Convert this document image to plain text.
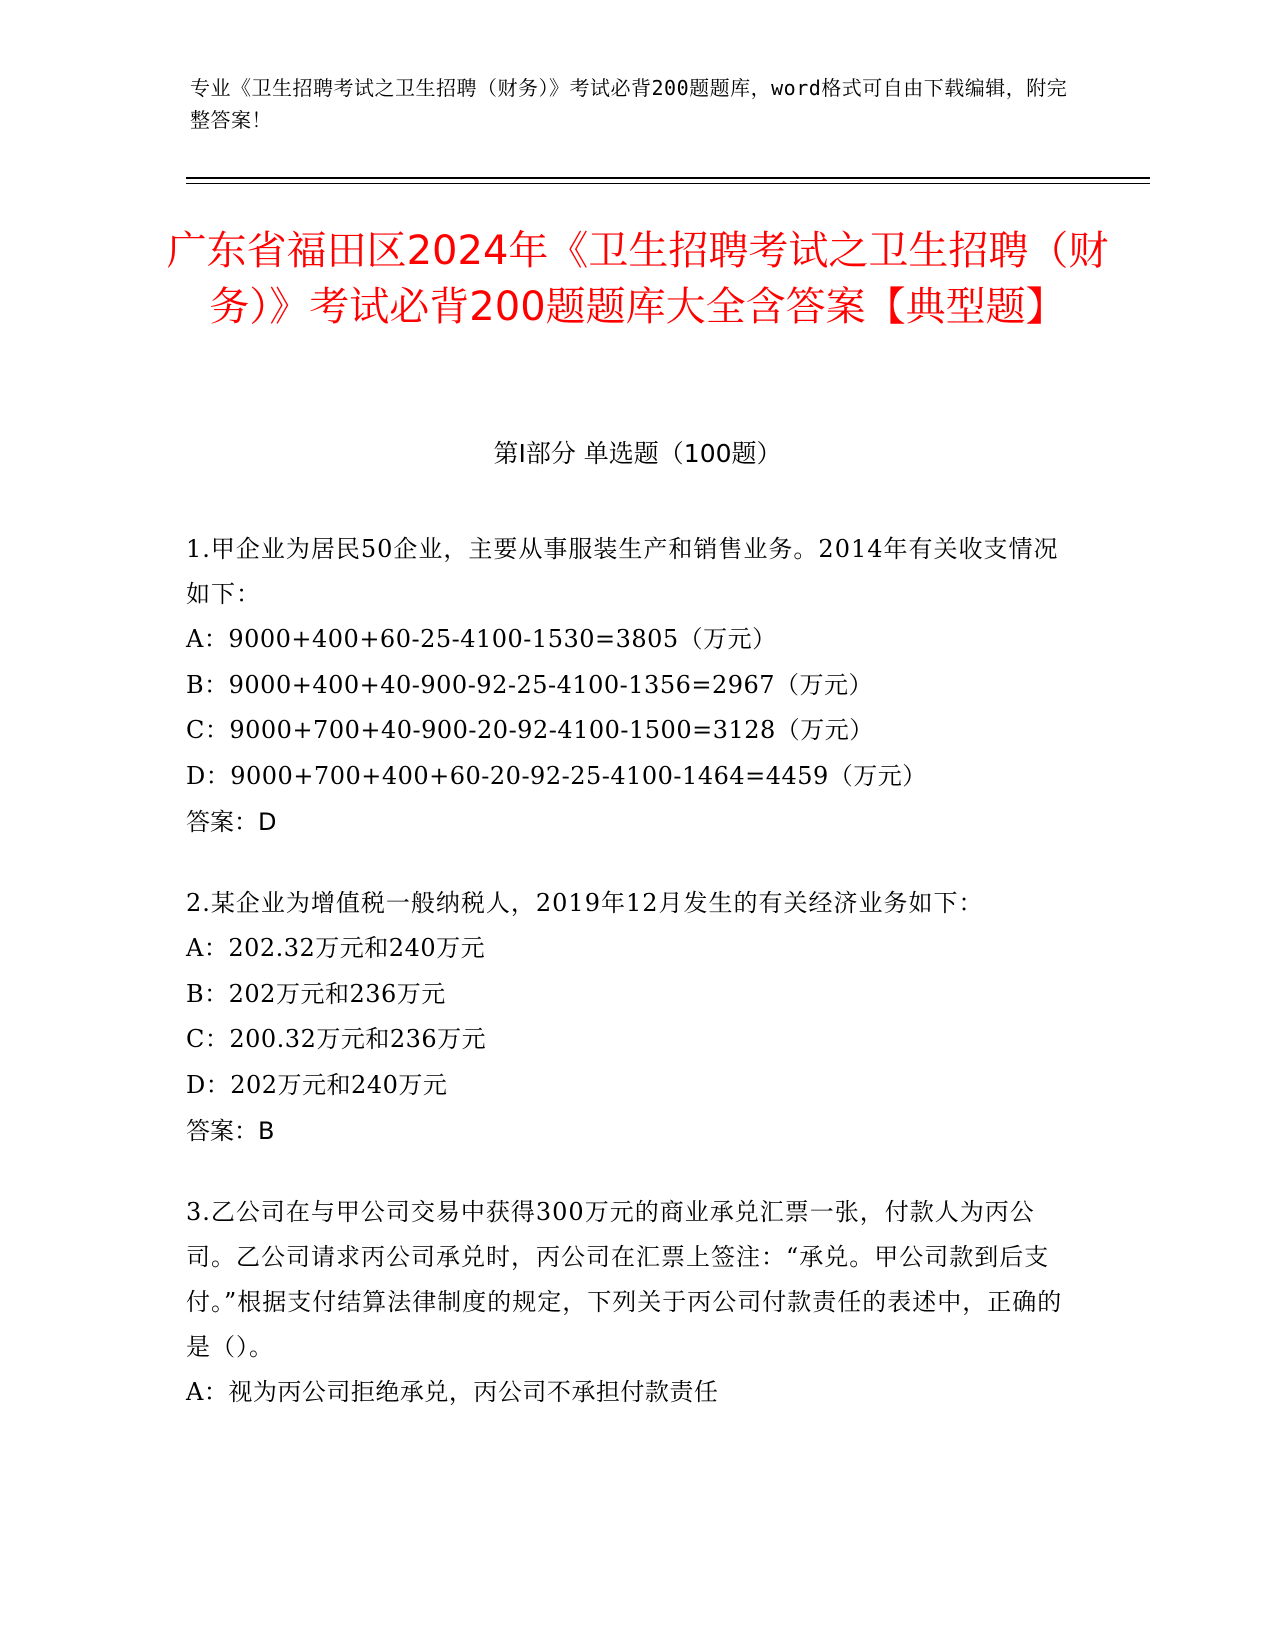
专业《卫生招聘考试之卫生招聘（财务）》考试必背200题题库，word格式可自由下载编辑，附完整答案！
广东省福田区2024年《卫生招聘考试之卫生招聘（财务）》考试必背200题题库大全含答案【典型题】
第Ⅰ部分 单选题（100题）

1.甲企业为居民50企业，主要从事服装生产和销售业务。2014年有关收支情况如下：

A：9000+400+60-25-4100-1530=3805（万元）

B：9000+400+40-900-92-25-4100-1356=2967（万元）

C：9000+700+40-900-20-92-4100-1500=3128（万元）

D：9000+700+400+60-20-92-25-4100-1464=4459（万元）

答案：D

2.某企业为增值税一般纳税人，2019年12月发生的有关经济业务如下：

A：202.32万元和240万元

B：202万元和236万元

C：200.32万元和236万元

D：202万元和240万元

答案：B

3.乙公司在与甲公司交易中获得300万元的商业承兑汇票一张，付款人为丙公司。乙公司请求丙公司承兑时，丙公司在汇票上签注：“承兑。甲公司款到后支付。”根据支付结算法律制度的规定，下列关于丙公司付款责任的表述中，正确的是（）。

A：视为丙公司拒绝承兑，丙公司不承担付款责任
